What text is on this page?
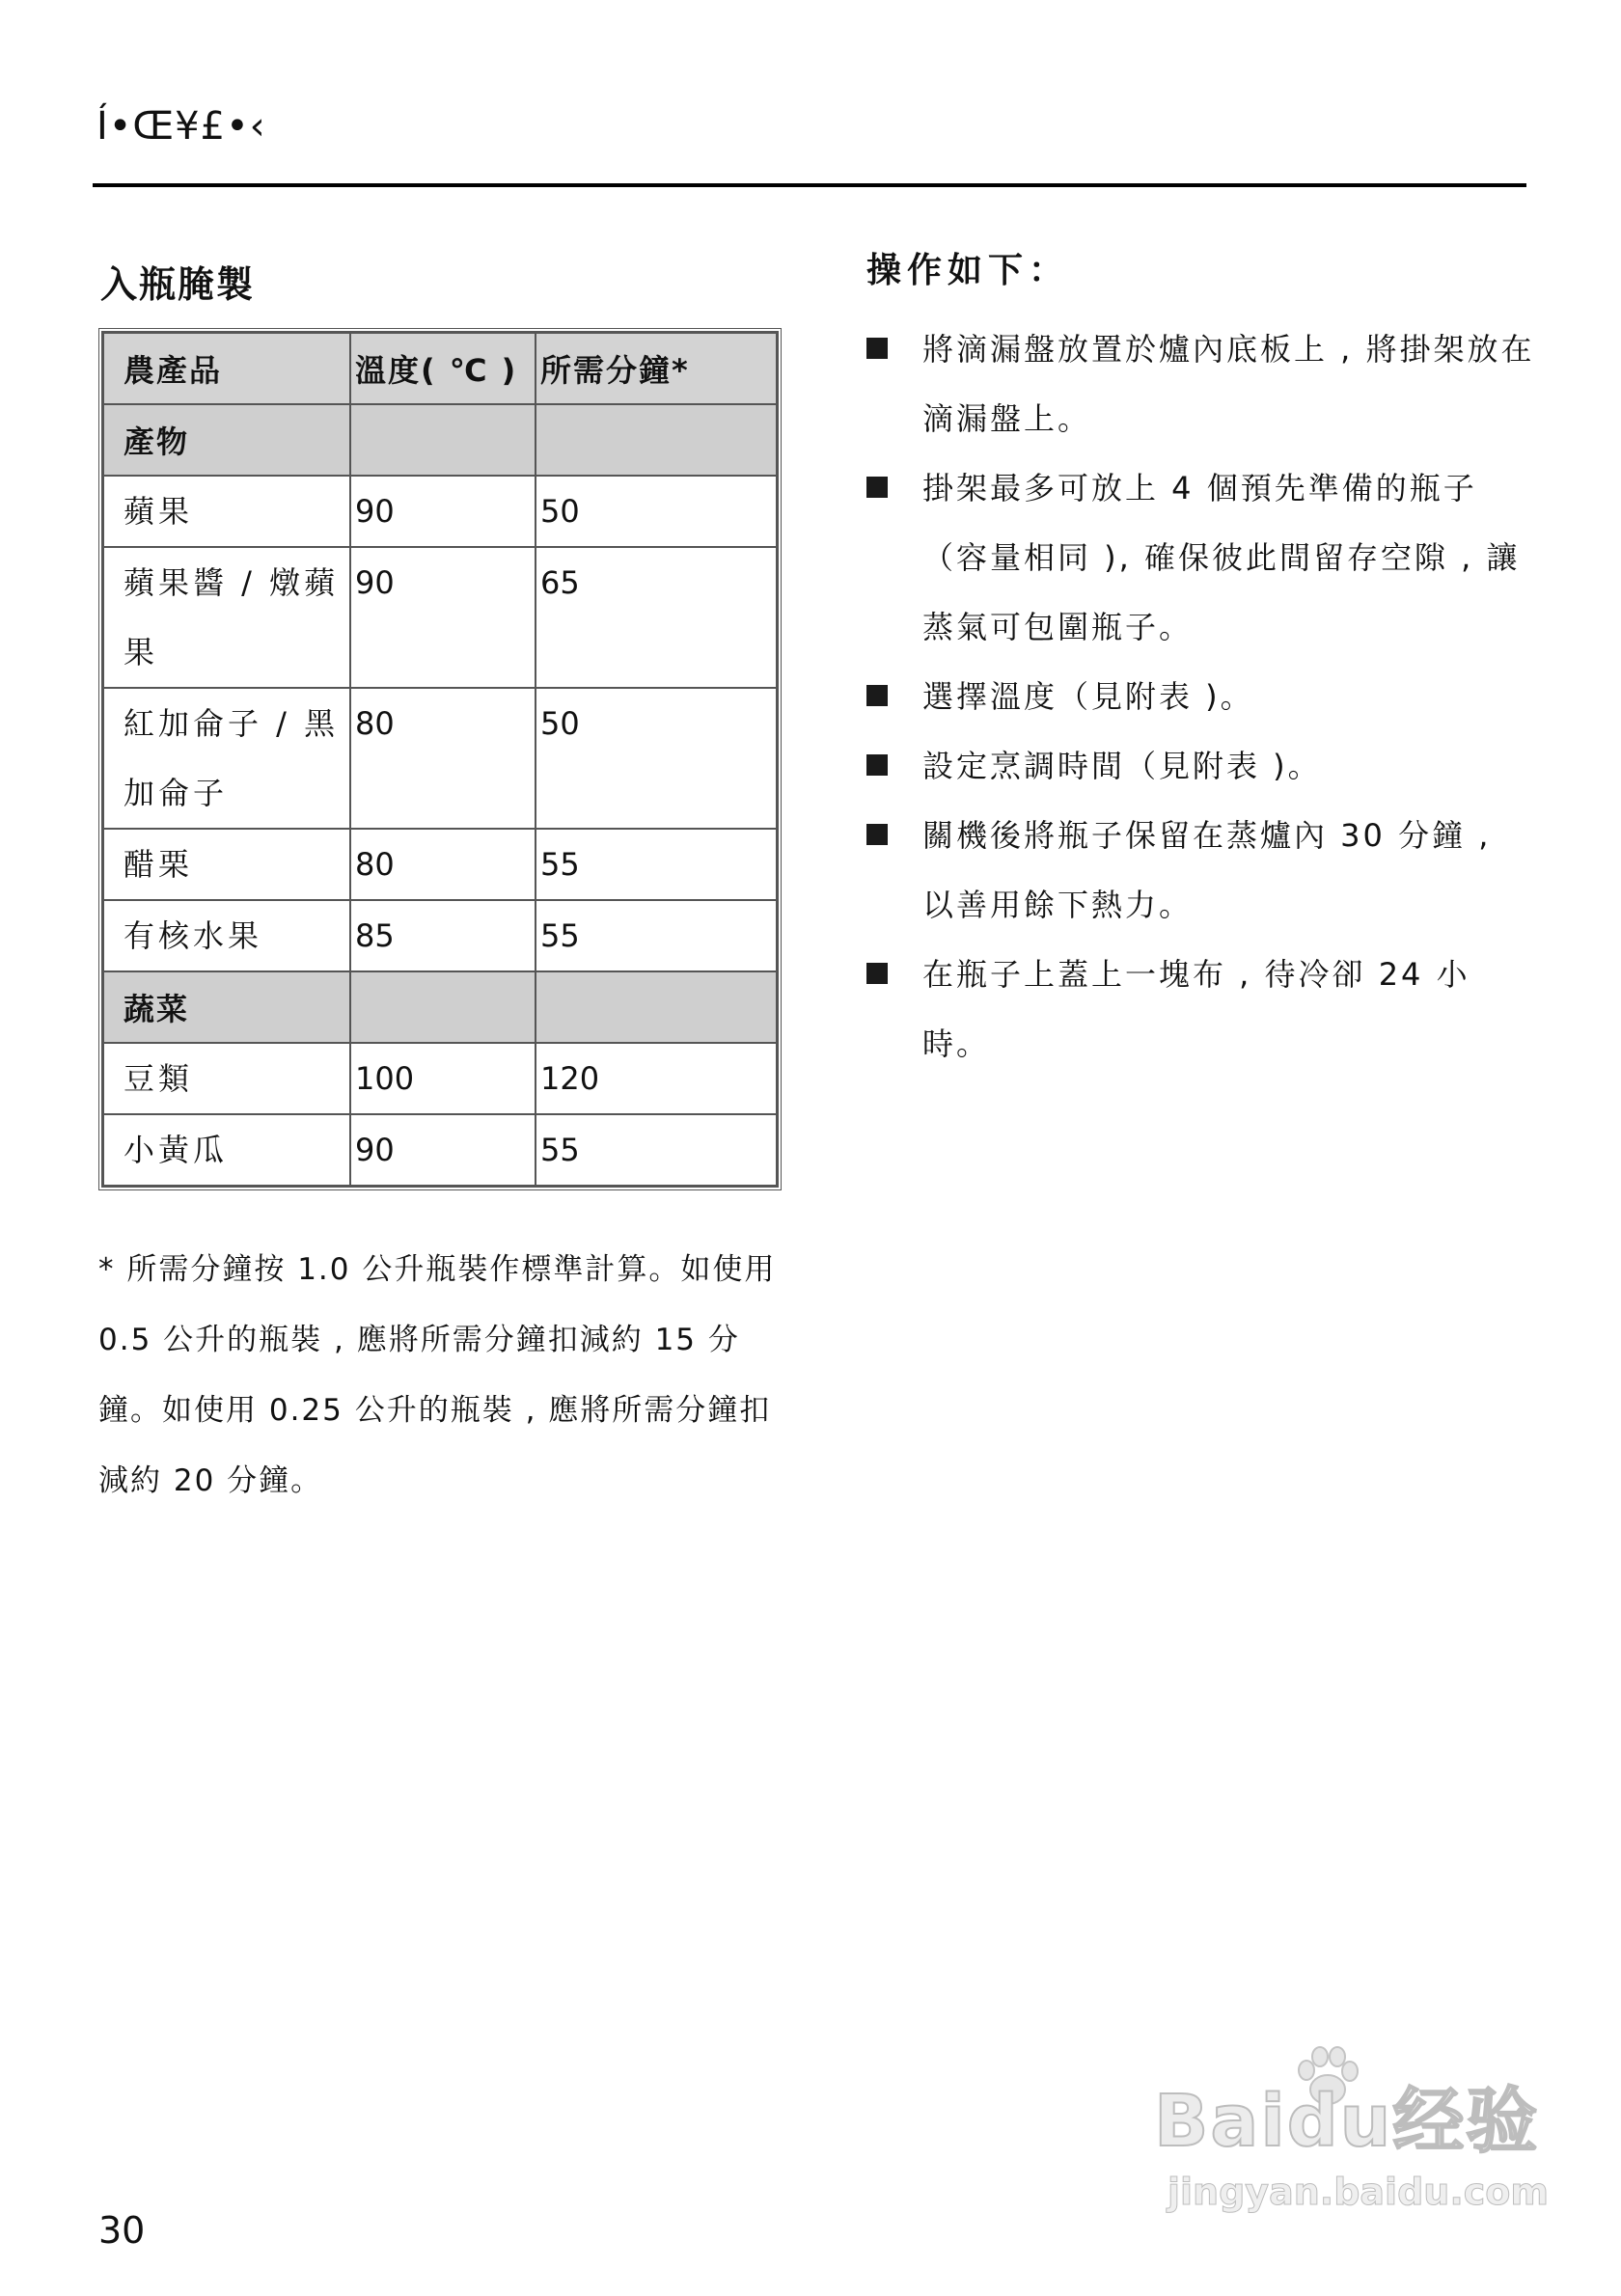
Í•Œ¥£•‹
入瓶腌製
農產品	溫度( ℃ )	所需分鐘*
產物		
蘋果	90	50
蘋果醬 / 燉蘋果	90	65
紅加侖子 / 黑加侖子	80	50
醋栗	80	55
有核水果	85	55
蔬菜		
豆類	100	120
小黃瓜	90	55
* 所需分鐘按 1.0 公升瓶裝作標準計算。如使用 0.5 公升的瓶裝 , 應將所需分鐘扣減約 15 分鐘。如使用 0.25 公升的瓶裝 , 應將所需分鐘扣減約 20 分鐘。
操作如下：
將滴漏盤放置於爐內底板上 , 將掛架放在滴漏盤上。
掛架最多可放上 4 個預先準備的瓶子（容量相同 ), 確保彼此間留存空隙 , 讓蒸氣可包圍瓶子。
選擇溫度（見附表 )。
設定烹調時間（見附表 )。
關機後將瓶子保留在蒸爐內 30 分鐘 , 以善用餘下熱力。
在瓶子上蓋上一塊布 , 待冷卻 24 小時。
30
Baidu经验
jingyan.baidu.com
